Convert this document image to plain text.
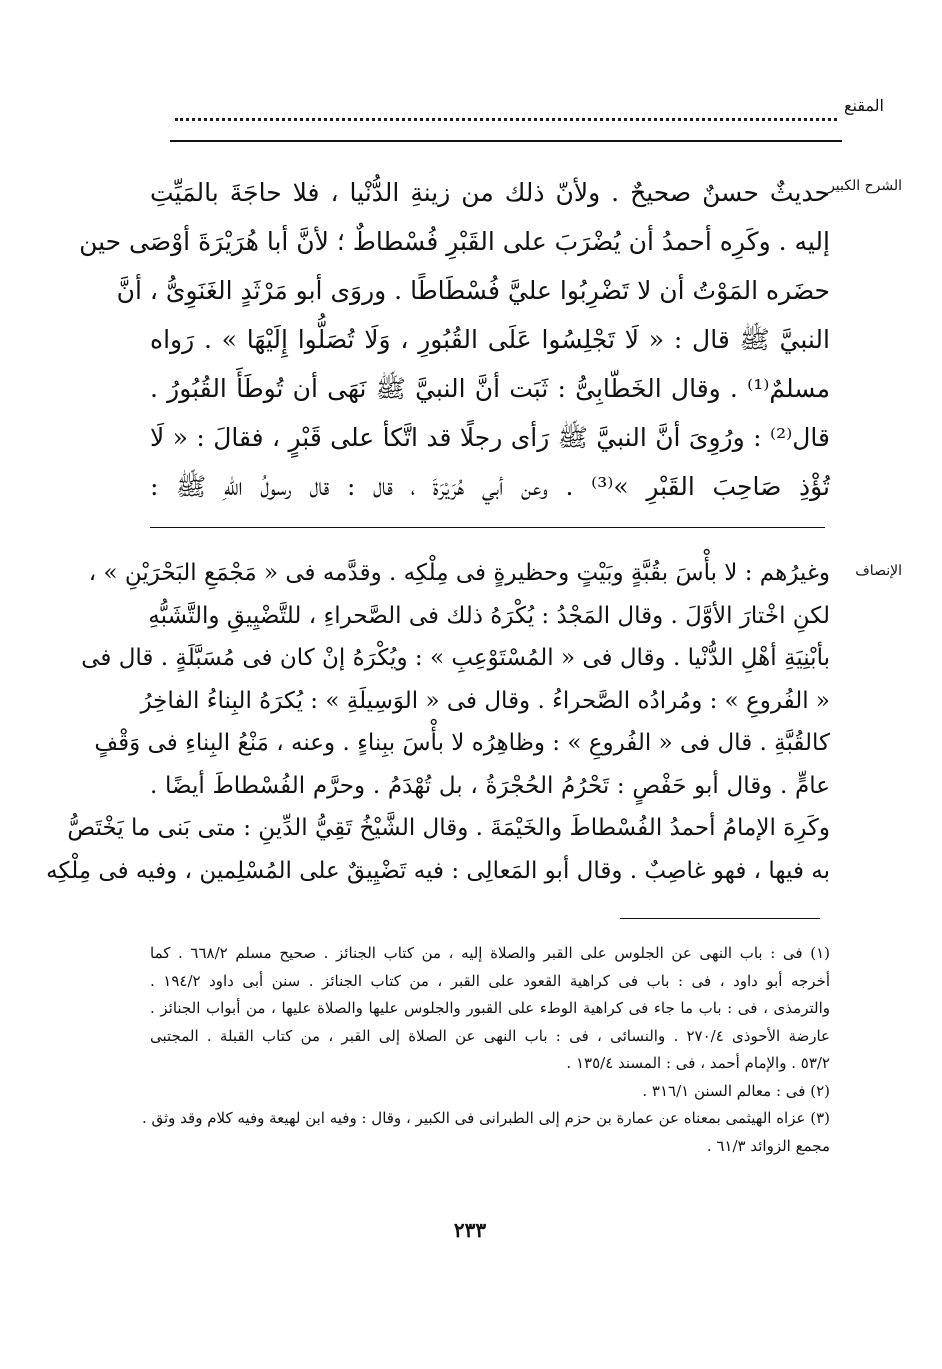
المقنع
الشرح الكبير
حديثٌ حسنٌ صحيحٌ . ولأنّ ذلك من زينةِ الدُّنْيا ، فلا حاجَةَ بالمَيِّتِ
إليه . وكَرِه أحمدُ أن يُضْرَبَ على القَبْرِ فُسْطاطٌ ؛ لأنَّ أبا هُرَيْرَةَ أوْصَى حين
حضَره المَوْتُ أن لا تَضْرِبُوا عليَّ فُسْطَاطًا . وروَى أبو مَرْثَدٍ الغَنَوِىُّ ، أنَّ
النبيَّ ﷺ قال : « لَا تَجْلِسُوا عَلَى القُبُورِ ، وَلَا تُصَلُّوا إِلَيْهَا » . رَواه
مسلمٌ⁽¹⁾ . وقال الخَطّابِىُّ : ثَبَت أنَّ النبيَّ ﷺ نَهَى أن تُوطَأَ القُبُورُ .
قال⁽²⁾ : ورُوِىَ أنَّ النبيَّ ﷺ رَأى رجلًا قد اتَّكأ على قَبْرٍ ، فقالَ : « لَا
تُؤْذِ صَاحِبَ القَبْرِ »⁽³⁾ . وعن أبي هُرَيْرَةَ ، قال : قال رسولُ اللهِ ﷺ :
الإنصاف
وغيرُهم : لا بأْسَ بقُبَّةٍ وبَيْتٍ وحظيرةٍ فى مِلْكِه . وقدَّمه فى « مَجْمَعِ البَحْرَيْنِ » ،
لكنِ اخْتارَ الأوَّلَ . وقال المَجْدُ : يُكْرَهُ ذلك فى الصَّحراءِ ، للتَّضْيِيقِ والتَّشَبُّهِ
بأبْنِيَةِ أهْلِ الدُّنْيا . وقال فى « المُسْتَوْعِبِ » : ويُكْرَهُ إنْ كان فى مُسَبَّلَةٍ . قال فى
« الفُروعِ » : ومُرادُه الصَّحراءُ . وقال فى « الوَسِيلَةِ » : يُكرَهُ البِناءُ الفاخِرُ
كالقُبَّةِ . قال فى « الفُروعِ » : وظاهِرُه لا بأْسَ ببِناءٍ . وعنه ، مَنْعُ البِناءِ فى وَقْفٍ
عامٍّ . وقال أبو حَفْصٍ : تَحْرُمُ الحُجْرَةُ ، بل تُهْدَمُ . وحرَّم الفُسْطاطَ أيضًا .
وكَرِهَ الإمامُ أحمدُ الفُسْطاطَ والخَيْمَةَ . وقال الشَّيْخُ تَقِيُّ الدِّينِ : متى بَنى ما يَخْتَصُّ
به فيها ، فهو غاصِبٌ . وقال أبو المَعالِى : فيه تَضْيِيقٌ على المُسْلِمين ، وفيه فى مِلْكِه
(١) فى : باب النهى عن الجلوس على القبر والصلاة إليه ، من كتاب الجنائز . صحيح مسلم ٦٦٨/٢ . كما
أخرجه أبو داود ، فى : باب فى كراهية القعود على القبر ، من كتاب الجنائز . سنن أبى داود ١٩٤/٢ .
والترمذى ، فى : باب ما جاء فى كراهية الوطء على القبور والجلوس عليها والصلاة عليها ، من أبواب الجنائز .
عارضة الأحوذى ٢٧٠/٤ . والنسائى ، فى : باب النهى عن الصلاة إلى القبر ، من كتاب القبلة . المجتبى
٥٣/٢ . والإمام أحمد ، فى : المسند ١٣٥/٤ .
(٢) فى : معالم السنن ٣١٦/١ .
(٣) عزاه الهيثمى بمعناه عن عمارة بن حزم إلى الطبرانى فى الكبير ، وقال : وفيه ابن لهيعة وفيه كلام وقد وثق .
مجمع الزوائد ٦١/٣ .
٢٣٣
